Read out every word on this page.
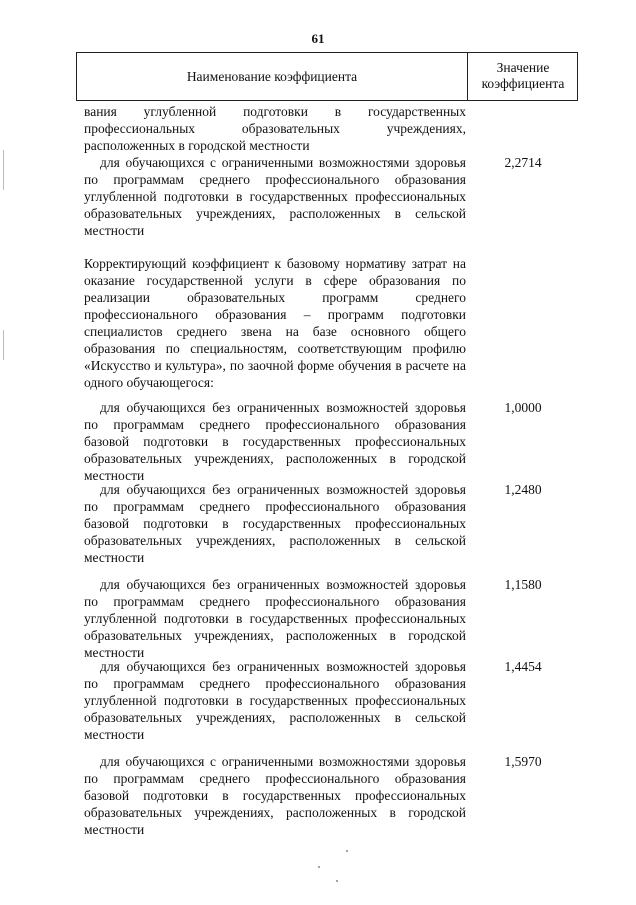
61
Наименование коэффициента
Значение коэффициента

вания углубленной подготовки в государственных профессиональных образовательных учреждениях, расположенных в городской местности

для обучающихся с ограниченными возможностями здоровья по программам среднего профессионального образования углубленной подготовки в государственных профессиональных образовательных учреждениях, расположенных в сельской местности

2,2714

Корректирующий коэффициент к базовому нормативу затрат на оказание государственной услуги в сфере образования по реализации образовательных программ среднего профессионального образования – программ подготовки специалистов среднего звена на базе основного общего образования по специальностям, соответствующим профилю «Искусство и культура», по заочной форме обучения в расчете на одного обучающегося:

для обучающихся без ограниченных возможностей здоровья по программам среднего профессионального образования базовой подготовки в государственных профессиональных образовательных учреждениях, расположенных в городской местности

1,0000

для обучающихся без ограниченных возможностей здоровья по программам среднего профессионального образования базовой подготовки в государственных профессиональных образовательных учреждениях, расположенных в сельской местности

1,2480

для обучающихся без ограниченных возможностей здоровья по программам среднего профессионального образования углубленной подготовки в государственных профессиональных образовательных учреждениях, расположенных в городской местности

1,1580

для обучающихся без ограниченных возможностей здоровья по программам среднего профессионального образования углубленной подготовки в государственных профессиональных образовательных учреждениях, расположенных в сельской местности

1,4454

для обучающихся с ограниченными возможностями здоровья по программам среднего профессионального образования базовой подготовки в государственных профессиональных образовательных учреждениях, расположенных в городской местности

1,5970
